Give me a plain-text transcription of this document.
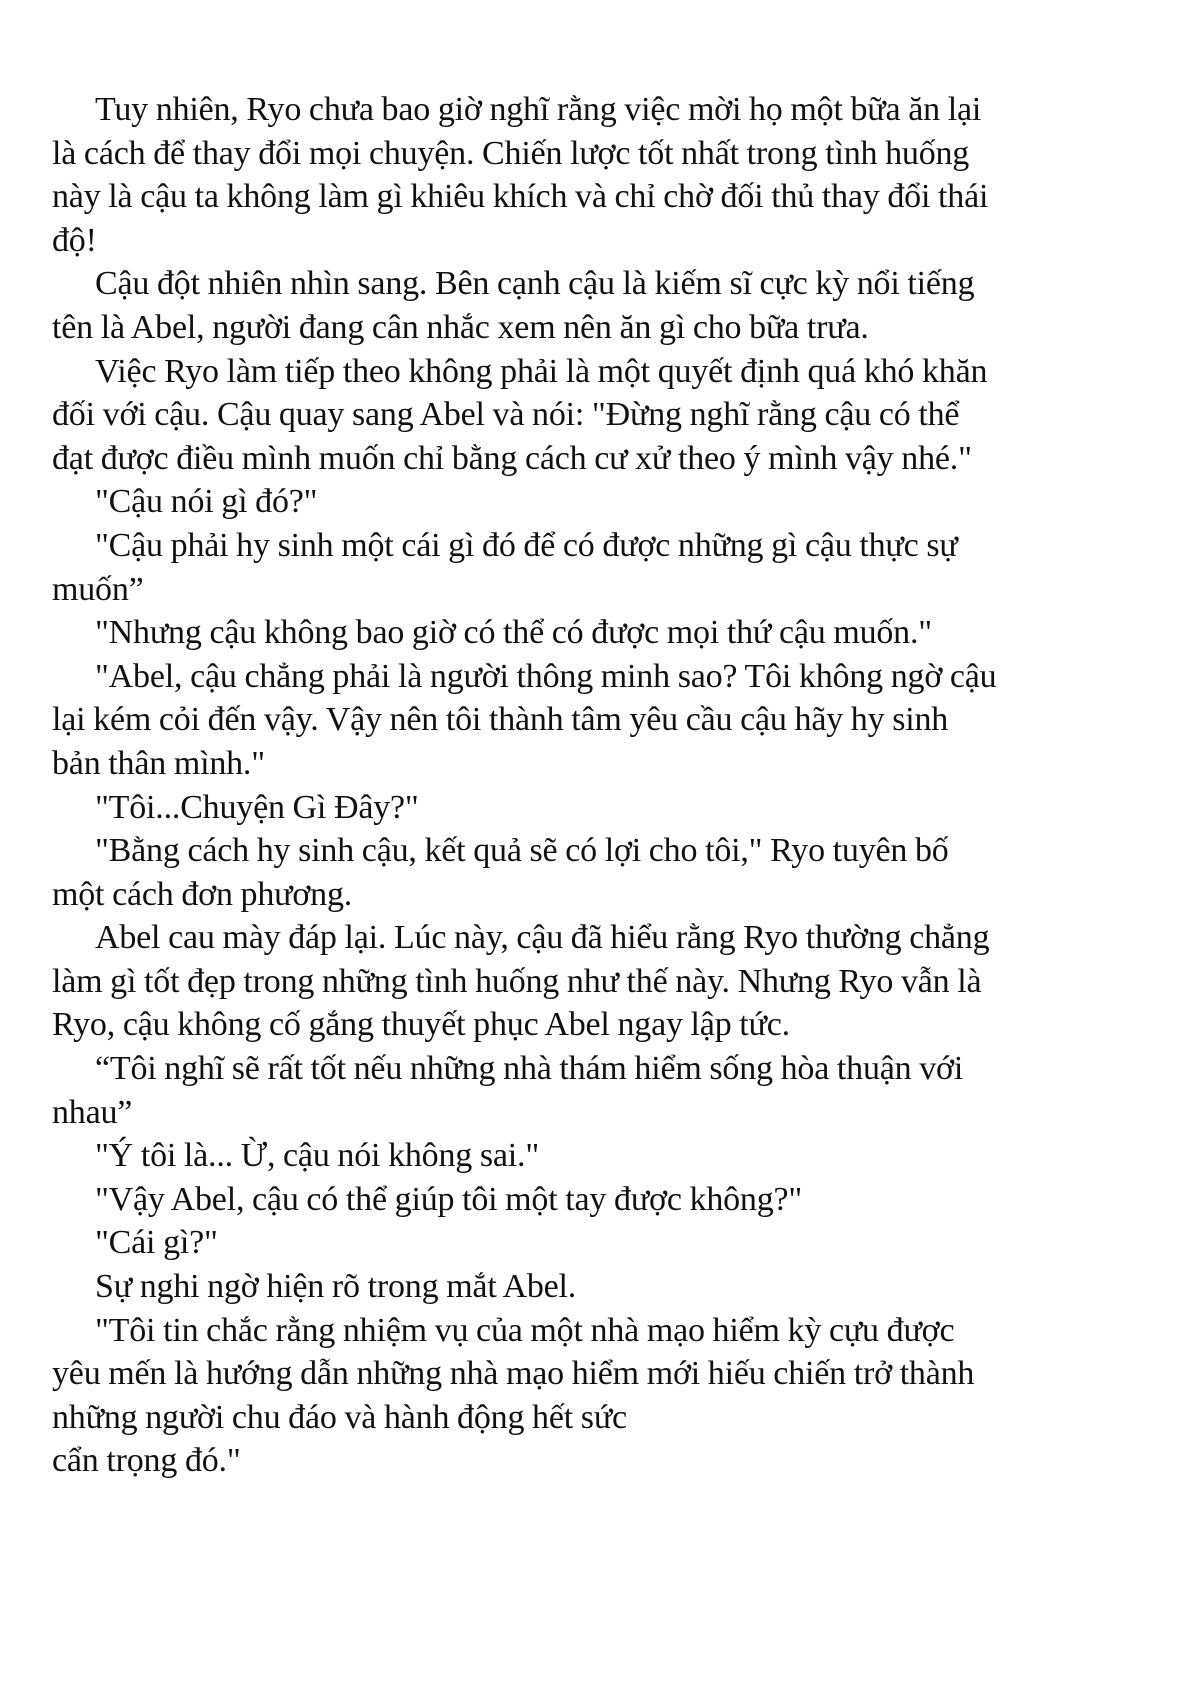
Tuy nhiên, Ryo chưa bao giờ nghĩ rằng việc mời họ một bữa ăn lại
là cách để thay đổi mọi chuyện. Chiến lược tốt nhất trong tình huống
này là cậu ta không làm gì khiêu khích và chỉ chờ đối thủ thay đổi thái
độ!
Cậu đột nhiên nhìn sang. Bên cạnh cậu là kiếm sĩ cực kỳ nổi tiếng
tên là Abel, người đang cân nhắc xem nên ăn gì cho bữa trưa.
Việc Ryo làm tiếp theo không phải là một quyết định quá khó khăn
đối với cậu. Cậu quay sang Abel và nói: "Đừng nghĩ rằng cậu có thể
đạt được điều mình muốn chỉ bằng cách cư xử theo ý mình vậy nhé."
"Cậu nói gì đó?"
"Cậu phải hy sinh một cái gì đó để có được những gì cậu thực sự
muốn”
"Nhưng cậu không bao giờ có thể có được mọi thứ cậu muốn."
"Abel, cậu chẳng phải là người thông minh sao? Tôi không ngờ cậu
lại kém cỏi đến vậy. Vậy nên tôi thành tâm yêu cầu cậu hãy hy sinh
bản thân mình."
"Tôi...Chuyện Gì Đây?"
"Bằng cách hy sinh cậu, kết quả sẽ có lợi cho tôi," Ryo tuyên bố
một cách đơn phương.
Abel cau mày đáp lại. Lúc này, cậu đã hiểu rằng Ryo thường chẳng
làm gì tốt đẹp trong những tình huống như thế này. Nhưng Ryo vẫn là
Ryo, cậu không cố gắng thuyết phục Abel ngay lập tức.
“Tôi nghĩ sẽ rất tốt nếu những nhà thám hiểm sống hòa thuận với
nhau”
"Ý tôi là... Ừ, cậu nói không sai."
"Vậy Abel, cậu có thể giúp tôi một tay được không?"
"Cái gì?"
Sự nghi ngờ hiện rõ trong mắt Abel.
"Tôi tin chắc rằng nhiệm vụ của một nhà mạo hiểm kỳ cựu được
yêu mến là hướng dẫn những nhà mạo hiểm mới hiếu chiến trở thành
những người chu đáo và hành động hết sức
cẩn trọng đó."
